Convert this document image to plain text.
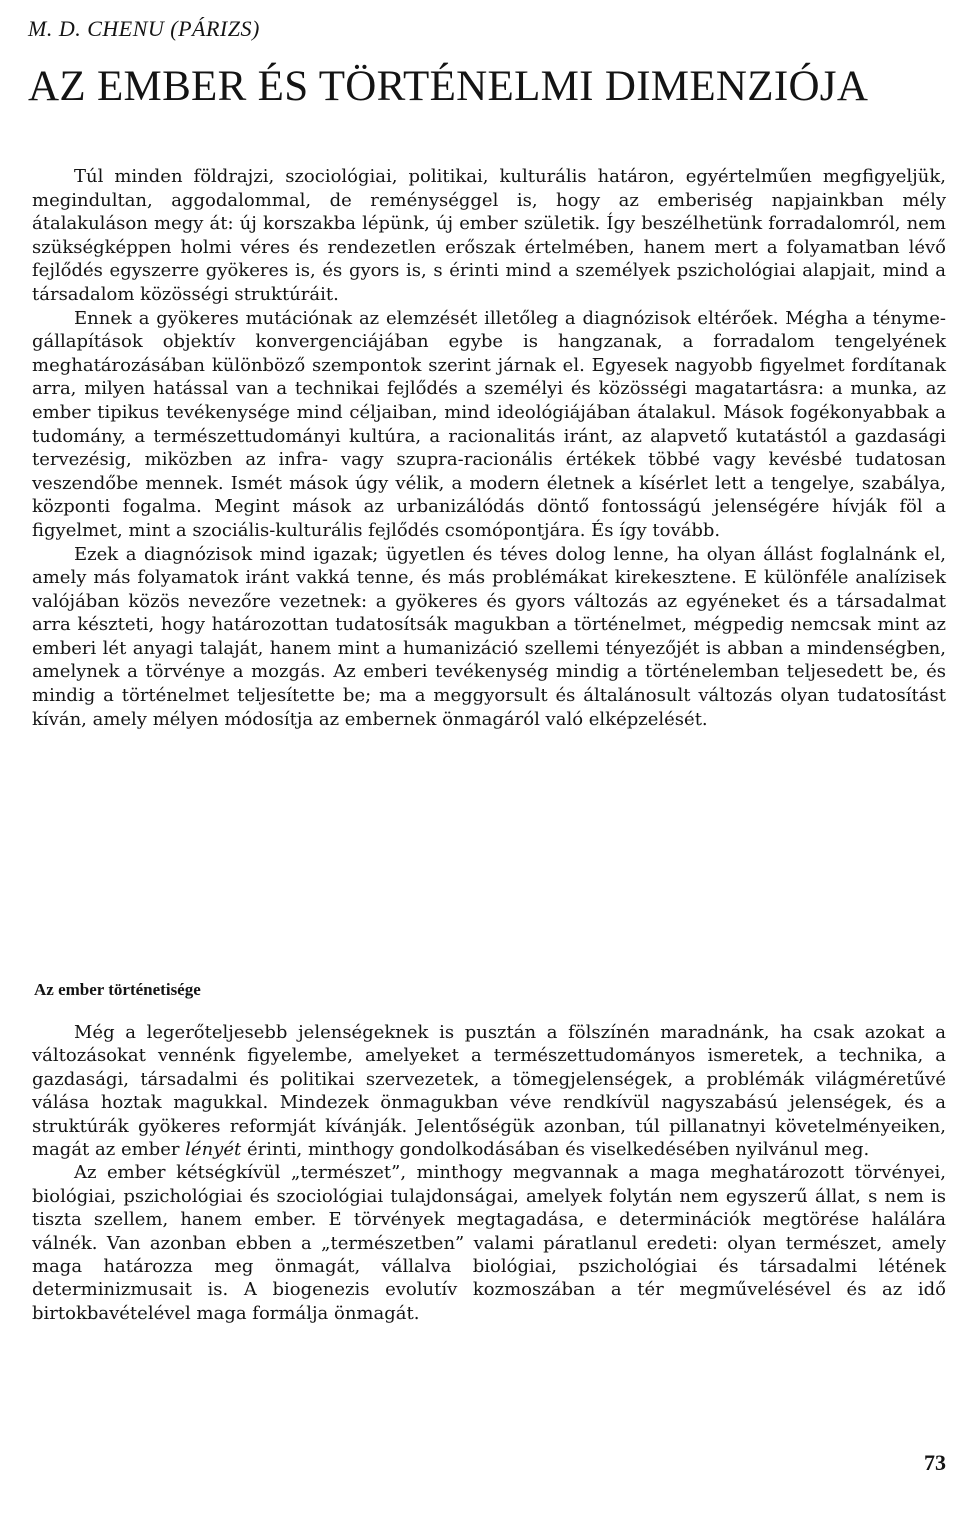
M. D. CHENU (PÁRIZS)

AZ EMBER ÉS TÖRTÉNELMI DIMENZIÓJA

Túl minden földrajzi, szociológiai, politikai, kulturális határon, egyértelműen megfigyeljük, megindultan, aggodalommal, de reménységgel is, hogy az emberiség napjainkban mély átalakuláson megy át: új korszakba lépünk, új ember születik. Így beszélhetünk forradalomról, nem szükségképpen holmi véres és rendezetlen erőszak értelmében, hanem mert a folyamatban lévő fejlődés egyszerre gyökeres is, és gyors is, s érinti mind a személyek pszichológiai alapjait, mind a társadalom közösségi struktúráit.

Ennek a gyökeres mutációnak az elemzését illetőleg a diagnózisok eltérőek. Mégha a ténymegállapítások objektív konvergenciájában egybe is hangzanak, a forradalom tengelyének meghatározásában különböző szempontok szerint járnak el. Egyesek nagyobb figyelmet fordítanak arra, milyen hatással van a technikai fejlődés a személyi és közösségi magatartásra: a munka, az ember tipikus tevékenysége mind céljaiban, mind ideológiájában átalakul. Mások fogékonyabbak a tudomány, a természettudományi kultúra, a racionalitás iránt, az alapvető kutatástól a gazdasági tervezésig, miközben az infra- vagy szupra-racionális értékek többé vagy kevésbé tudatosan veszendőbe mennek. Ismét mások úgy vélik, a modern életnek a kísérlet lett a tengelye, szabálya, központi fogalma. Megint mások az urbanizálódás döntő fontosságú jelenségére hívják föl a figyelmet, mint a szociális-kulturális fejlődés csomópontjára. És így tovább.

Ezek a diagnózisok mind igazak; ügyetlen és téves dolog lenne, ha olyan állást foglalnánk el, amely más folyamatok iránt vakká tenne, és más problémákat kirekesztene. E különféle analízisek valójában közös nevezőre vezetnek: a gyökeres és gyors változás az egyéneket és a társadalmat arra készteti, hogy határozottan tudatosítsák magukban a történelmet, mégpedig nemcsak mint az emberi lét anyagi talaját, hanem mint a humanizáció szellemi tényezőjét is abban a mindenségben, amelynek a törvénye a mozgás. Az emberi tevékenység mindig a történelemban teljesedett be, és mindig a történelmet teljesítette be; ma a meggyorsult és általánosult változás olyan tudatosítást kíván, amely mélyen módosítja az embernek önmagáról való elképzelését.

Az ember történetisége

Még a legerőteljesebb jelenségeknek is pusztán a fölszínén maradnánk, ha csak azokat a változásokat vennénk figyelembe, amelyeket a természettudományos ismeretek, a technika, a gazdasági, társadalmi és politikai szervezetek, a tömegjelenségek, a problémák világméretűvé válása hoztak magukkal. Mindezek önmagukban véve rendkívül nagyszabású jelenségek, és a struktúrák gyökeres reformját kívánják. Jelentőségük azonban, túl pillanatnyi követelményeiken, magát az ember lényét érinti, minthogy gondolkodásában és viselkedésében nyilvánul meg.

Az ember kétségkívül „természet”, minthogy megvannak a maga meghatározott törvényei, biológiai, pszichológiai és szociológiai tulajdonságai, amelyek folytán nem egyszerű állat, s nem is tiszta szellem, hanem ember. E törvények megtagadása, e determinációk megtörése halálára válnék. Van azonban ebben a „természetben” valami páratlanul eredeti: olyan természet, amely maga határozza meg önmagát, vállalva biológiai, pszichológiai és társadalmi létének determinizmusait is. A biogenezis evolutív kozmoszában a tér megművelésével és az idő birtokbavételével maga formálja önmagát.

73
